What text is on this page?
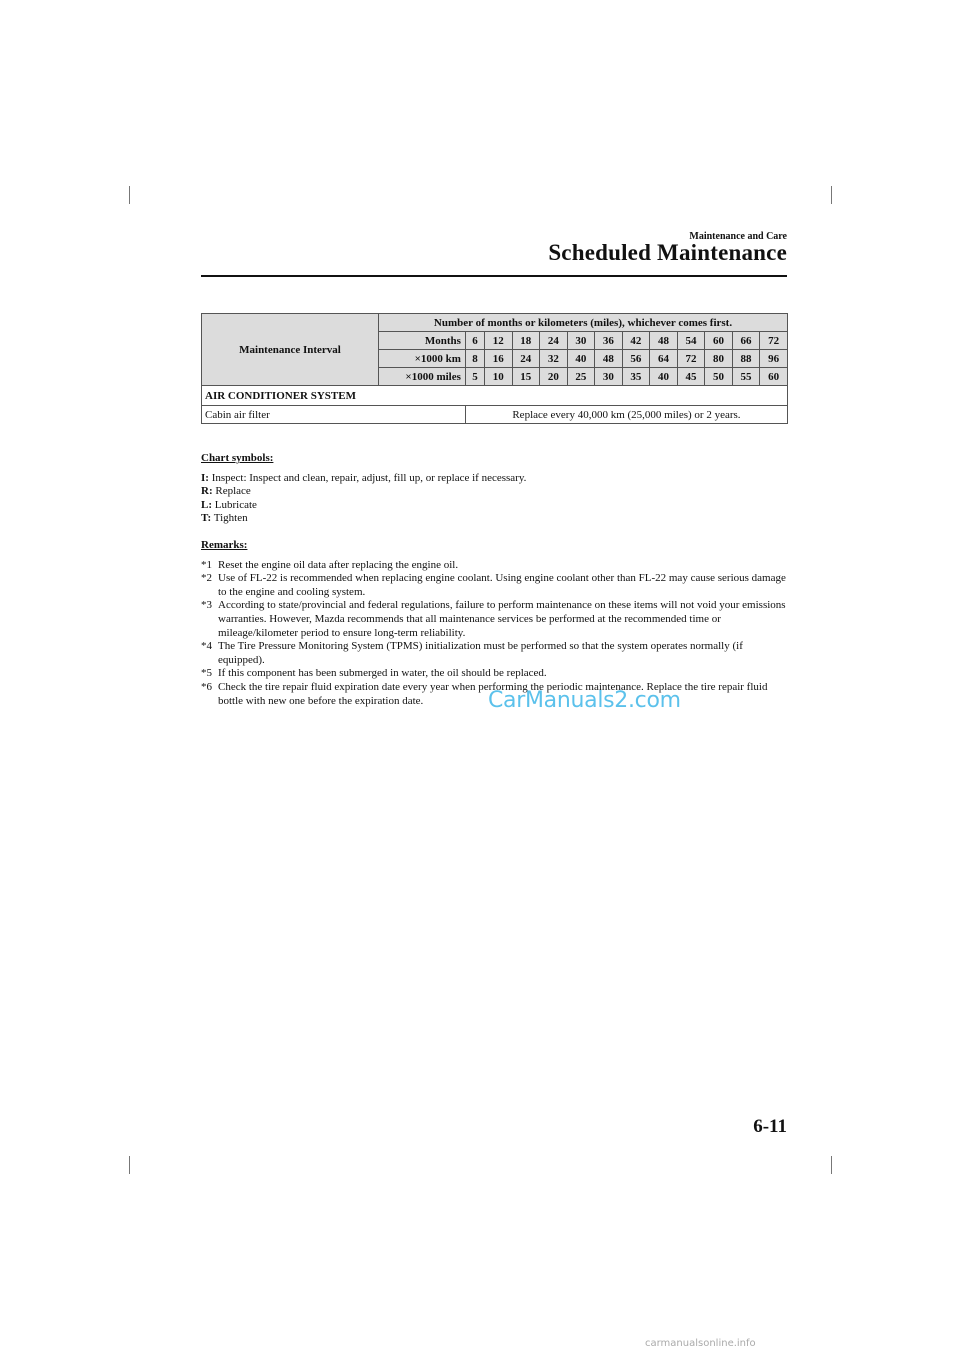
Maintenance and Care
Scheduled Maintenance
Maintenance Interval	Number of months or kilometers (miles), whichever comes first.												
	Months	6	12	18	24	30	36	42	48	54	60	66	72
	×1000 km	8	16	24	32	40	48	56	64	72	80	88	96
	×1000 miles	5	10	15	20	25	30	35	40	45	50	55	60
AIR CONDITIONER SYSTEM													
Cabin air filter		Replace every 40,000 km (25,000 miles) or 2 years.											
Chart symbols:
I: Inspect: Inspect and clean, repair, adjust, fill up, or replace if necessary.
R: Replace
L: Lubricate
T: Tighten
Remarks:
*1 Reset the engine oil data after replacing the engine oil.
*2 Use of FL-22 is recommended when replacing engine coolant. Using engine coolant other than FL-22 may cause serious damage to the engine and cooling system.
*3 According to state/provincial and federal regulations, failure to perform maintenance on these items will not void your emissions warranties. However, Mazda recommends that all maintenance services be performed at the recommended time or mileage/kilometer period to ensure long-term reliability.
*4 The Tire Pressure Monitoring System (TPMS) initialization must be performed so that the system operates normally (if equipped).
*5 If this component has been submerged in water, the oil should be replaced.
*6 Check the tire repair fluid expiration date every year when performing the periodic maintenance. Replace the tire repair fluid bottle with new one before the expiration date.	CarManuals2.com
6-11
carmanualsonline.info
